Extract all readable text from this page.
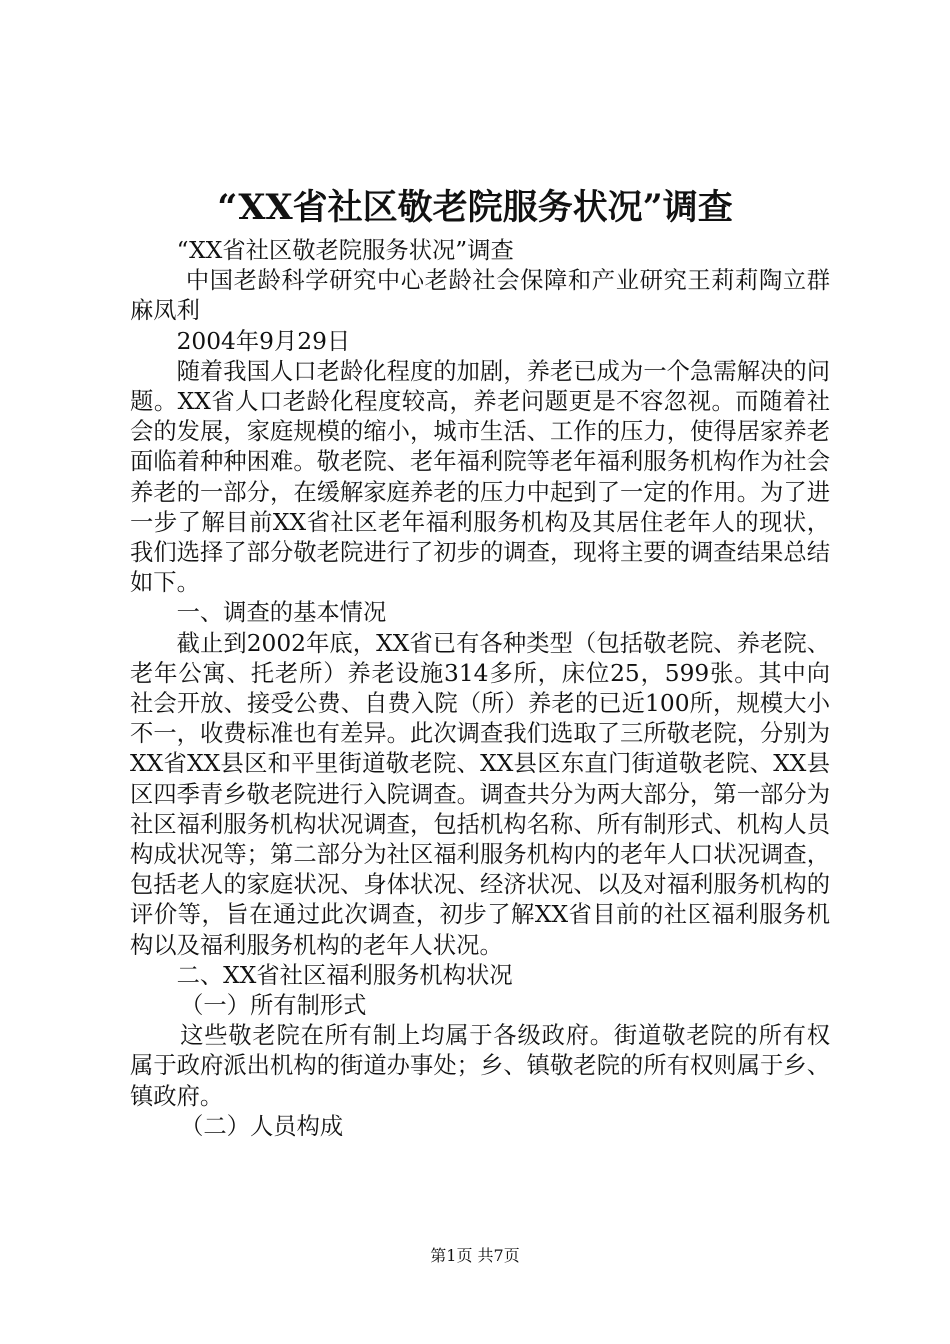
“XX省社区敬老院服务状况”调查

“XX省社区敬老院服务状况”调查

中国老龄科学研究中心老龄社会保障和产业研究王莉莉陶立群麻凤利

2004年9月29日

随着我国人口老龄化程度的加剧，养老已成为一个急需解决的问题。XX省人口老龄化程度较高，养老问题更是不容忽视。而随着社会的发展，家庭规模的缩小，城市生活、工作的压力，使得居家养老面临着种种困难。敬老院、老年福利院等老年福利服务机构作为社会养老的一部分，在缓解家庭养老的压力中起到了一定的作用。为了进一步了解目前XX省社区老年福利服务机构及其居住老年人的现状，我们选择了部分敬老院进行了初步的调查，现将主要的调查结果总结如下。

一、调查的基本情况

截止到2002年底，XX省已有各种类型（包括敬老院、养老院、老年公寓、托老所）养老设施314多所，床位25，599张。其中向社会开放、接受公费、自费入院（所）养老的已近100所，规模大小不一，收费标准也有差异。此次调查我们选取了三所敬老院，分别为XX省XX县区和平里街道敬老院、XX县区东直门街道敬老院、XX县区四季青乡敬老院进行入院调查。调查共分为两大部分，第一部分为社区福利服务机构状况调查，包括机构名称、所有制形式、机构人员构成状况等；第二部分为社区福利服务机构内的老年人口状况调查，包括老人的家庭状况、身体状况、经济状况、以及对福利服务机构的评价等，旨在通过此次调查，初步了解XX省目前的社区福利服务机构以及福利服务机构的老年人状况。

二、XX省社区福利服务机构状况

（一）所有制形式

这些敬老院在所有制上均属于各级政府。街道敬老院的所有权属于政府派出机构的街道办事处；乡、镇敬老院的所有权则属于乡、镇政府。

（二）人员构成

第1页 共7页
